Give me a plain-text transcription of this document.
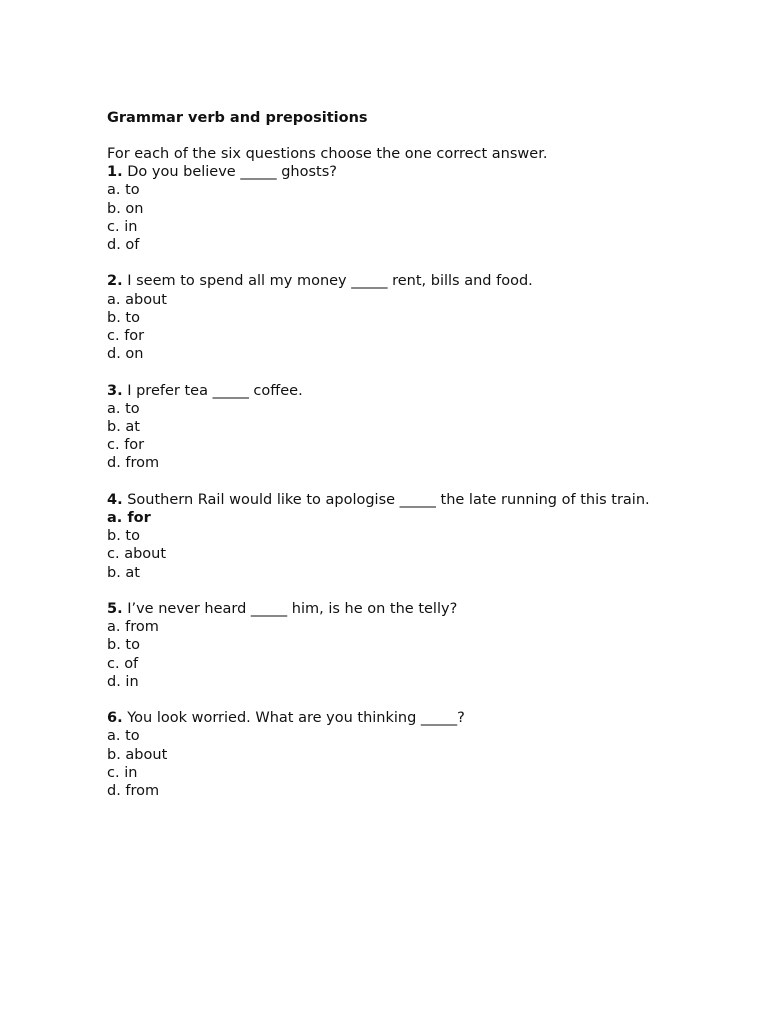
Grammar verb and prepositions
For each of the six questions choose the one correct answer.
1. Do you believe _____ ghosts?
a. to
b. on
c. in
d. of
2. I seem to spend all my money _____ rent, bills and food.
a. about
b. to
c. for
d. on
3. I prefer tea _____ coffee.
a. to
b. at
c. for
d. from
4. Southern Rail would like to apologise _____ the late running of this train.
a. for
b. to
c. about
b. at
5. I’ve never heard _____ him, is he on the telly?
a. from
b. to
c. of
d. in
6. You look worried. What are you thinking _____?
a. to
b. about
c. in
d. from
